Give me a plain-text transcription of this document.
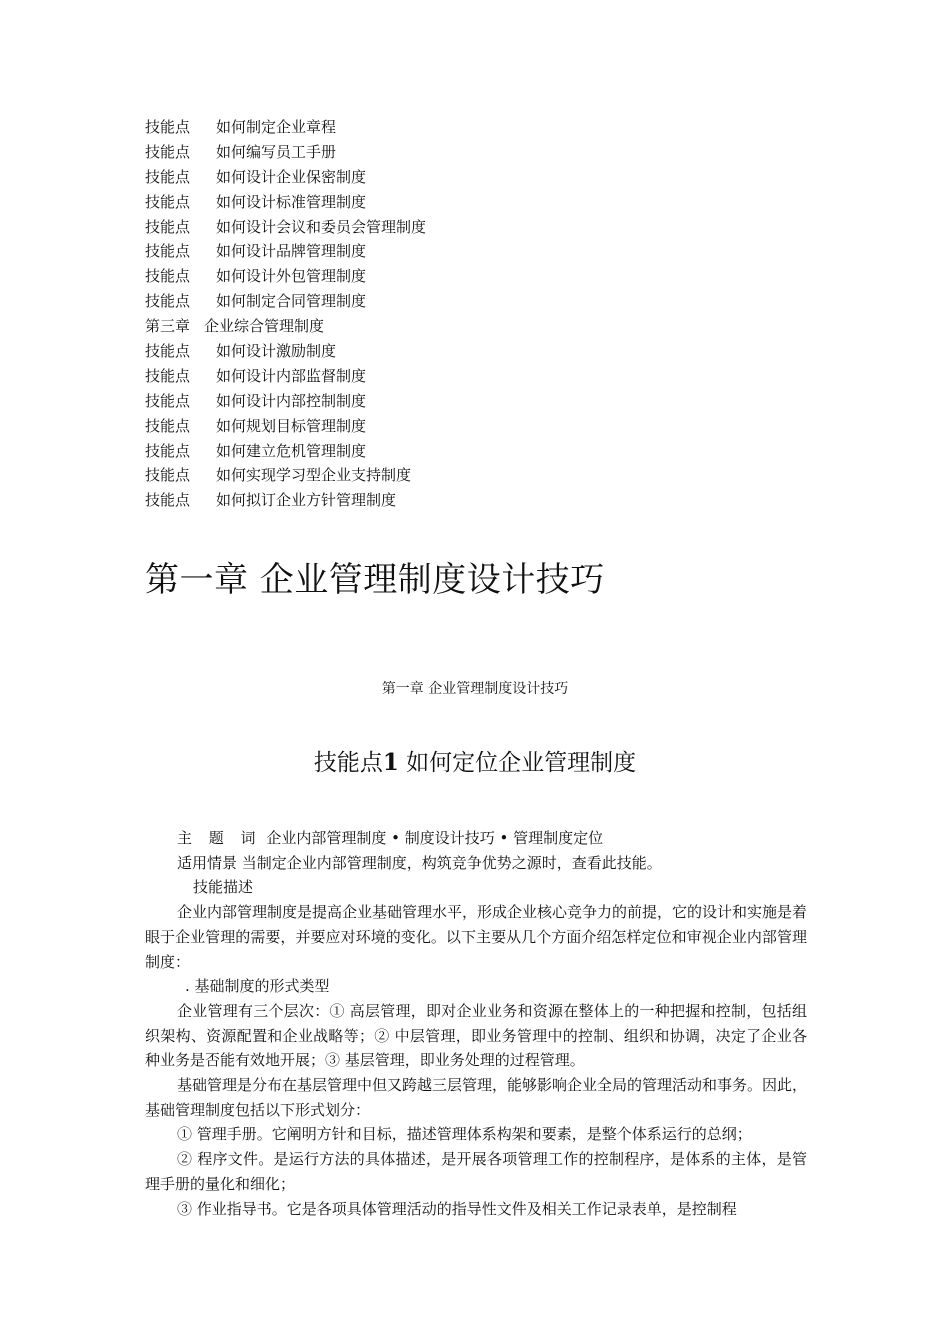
技能点 如何制定企业章程
技能点 如何编写员工手册
技能点 如何设计企业保密制度
技能点 如何设计标准管理制度
技能点 如何设计会议和委员会管理制度
技能点 如何设计品牌管理制度
技能点 如何设计外包管理制度
技能点 如何制定合同管理制度
第三章 企业综合管理制度
技能点 如何设计激励制度
技能点 如何设计内部监督制度
技能点 如何设计内部控制制度
技能点 如何规划目标管理制度
技能点 如何建立危机管理制度
技能点 如何实现学习型企业支持制度
技能点 如何拟订企业方针管理制度
第一章 企业管理制度设计技巧
第一章 企业管理制度设计技巧
技能点1 如何定位企业管理制度

主 题 词 企业内部管理制度 • 制度设计技巧 • 管理制度定位

适用情景 当制定企业内部管理制度，构筑竞争优势之源时，查看此技能。

技能描述

企业内部管理制度是提高企业基础管理水平，形成企业核心竞争力的前提，它的设计和实施是着眼于企业管理的需要，并要应对环境的变化。以下主要从几个方面介绍怎样定位和审视企业内部管理制度：

. 基础制度的形式类型

企业管理有三个层次：① 高层管理，即对企业业务和资源在整体上的一种把握和控制，包括组织架构、资源配置和企业战略等；② 中层管理，即业务管理中的控制、组织和协调，决定了企业各种业务是否能有效地开展；③ 基层管理，即业务处理的过程管理。

基础管理是分布在基层管理中但又跨越三层管理，能够影响企业全局的管理活动和事务。因此，基础管理制度包括以下形式划分：

① 管理手册。它阐明方针和目标，描述管理体系构架和要素，是整个体系运行的总纲；

② 程序文件。是运行方法的具体描述，是开展各项管理工作的控制程序，是体系的主体，是管理手册的量化和细化；

③ 作业指导书。它是各项具体管理活动的指导性文件及相关工作记录表单，是控制程
